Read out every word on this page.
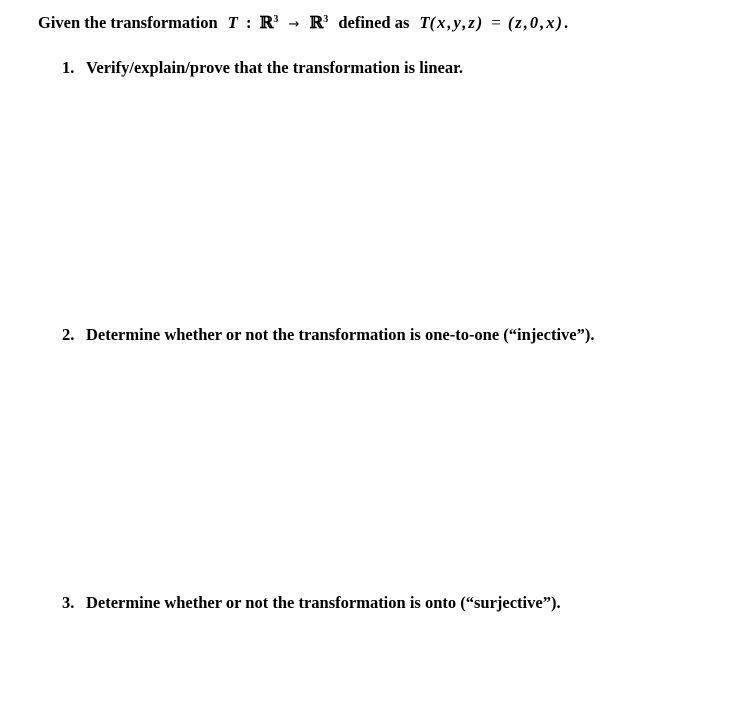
Given the transformation T : ℝ$^3$ → ℝ$^3$ defined as T(x,y,z) = (z,0,x).
1. Verify/explain/prove that the transformation is linear.
2. Determine whether or not the transformation is one-to-one (“injective”).
3. Determine whether or not the transformation is onto (“surjective”).
